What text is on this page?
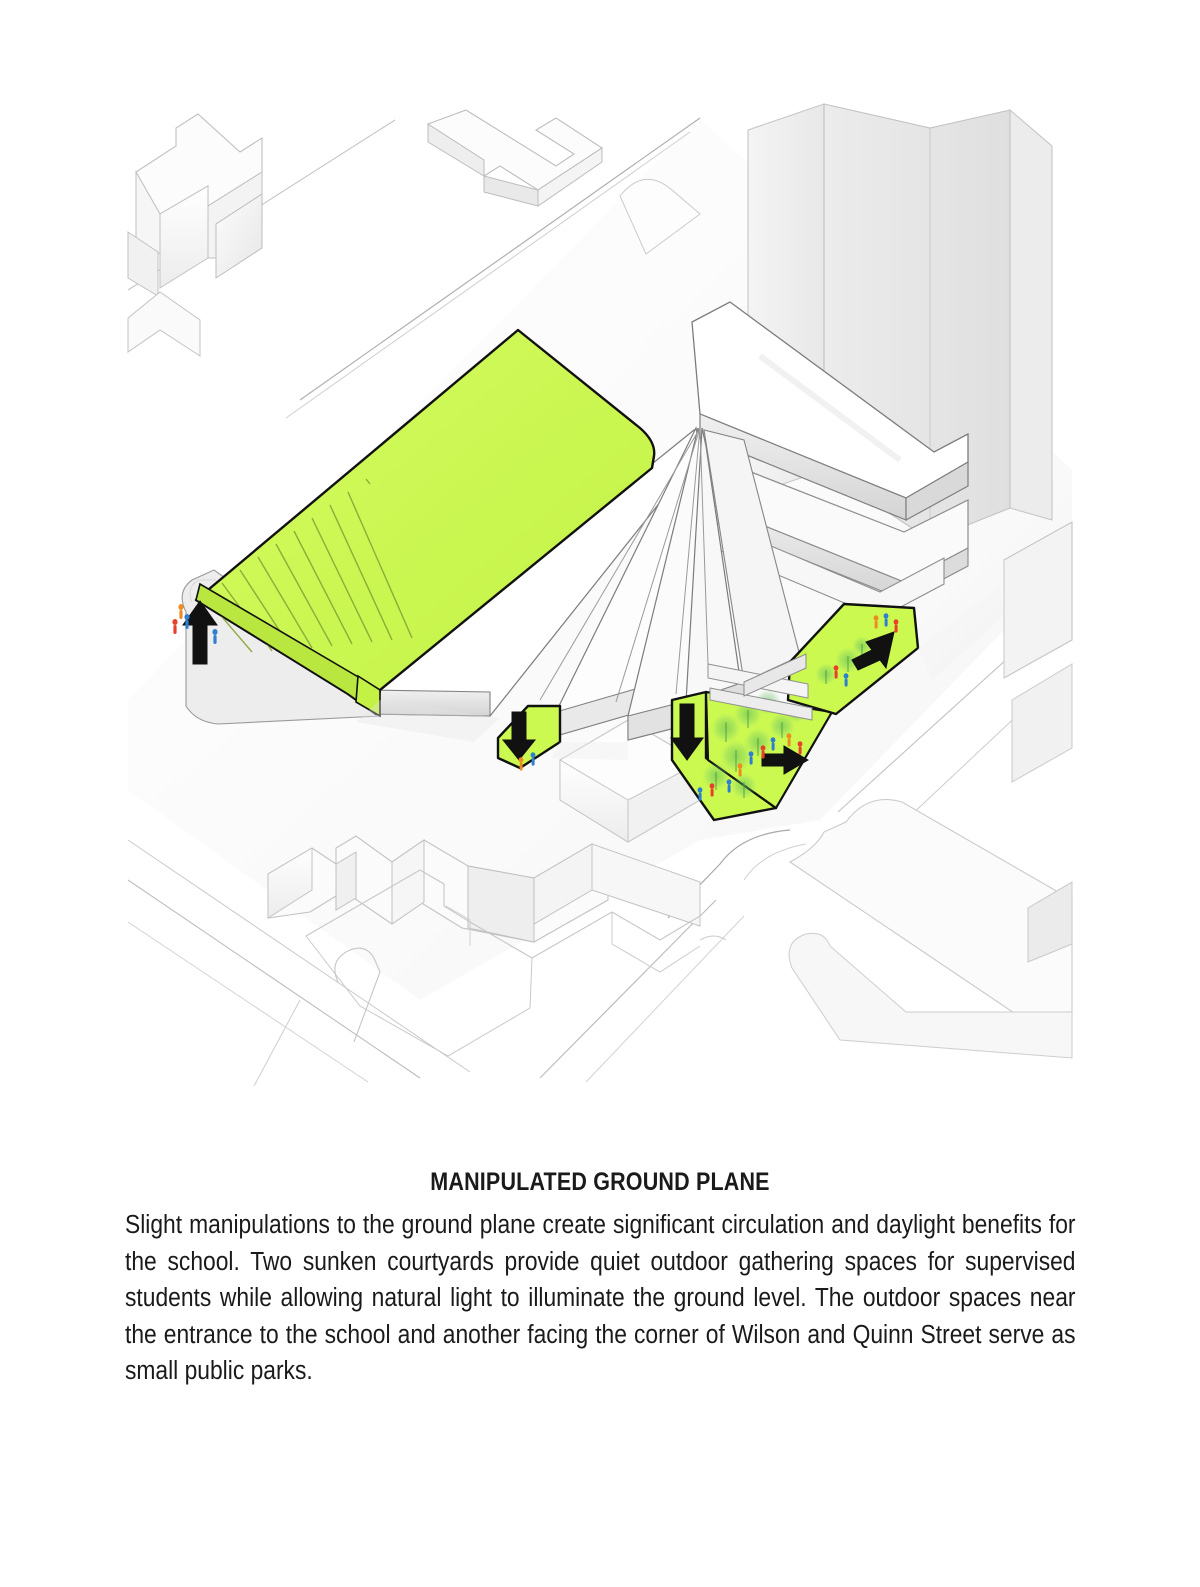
MANIPULATED GROUND PLANE
Slight manipulations to the ground plane create significant circulation and daylight benefits for the school. Two sunken courtyards provide quiet outdoor gathering spaces for supervised students while allowing natural light to illuminate the ground level. The outdoor spaces near the entrance to the school and another facing the corner of Wilson and Quinn Street serve as small public parks.
